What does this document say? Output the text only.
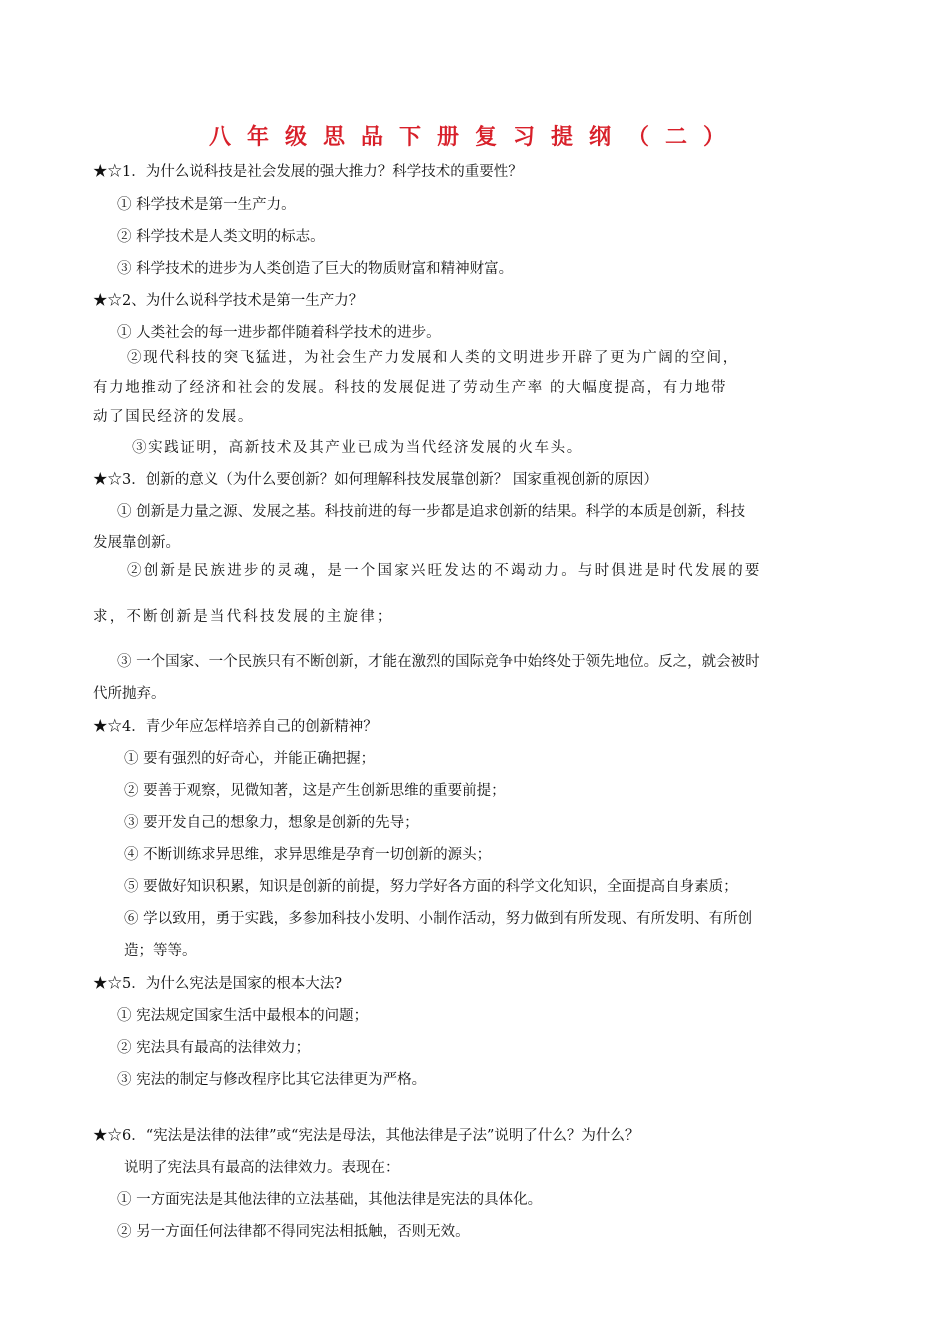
八年级思品下册复习提纲（二）
★☆1．为什么说科技是社会发展的强大推力？科学技术的重要性？
① 科学技术是第一生产力。
② 科学技术是人类文明的标志。
③ 科学技术的进步为人类创造了巨大的物质财富和精神财富。
★☆2、为什么说科学技术是第一生产力？
① 人类社会的每一进步都伴随着科学技术的进步。
②现代科技的突飞猛进，为社会生产力发展和人类的文明进步开辟了更为广阔的空间，
有力地推动了经济和社会的发展。科技的发展促进了劳动生产率 的大幅度提高，有力地带
动了国民经济的发展。
③实践证明，高新技术及其产业已成为当代经济发展的火车头。
★☆3．创新的意义（为什么要创新？如何理解科技发展靠创新？ 国家重视创新的原因）
① 创新是力量之源、发展之基。科技前进的每一步都是追求创新的结果。科学的本质是创新，科技
发展靠创新。
②创新是民族进步的灵魂，是一个国家兴旺发达的不竭动力。与时俱进是时代发展的要
求，不断创新是当代科技发展的主旋律；
③ 一个国家、一个民族只有不断创新，才能在激烈的国际竞争中始终处于领先地位。反之，就会被时
代所抛弃。
★☆4．青少年应怎样培养自己的创新精神？
① 要有强烈的好奇心，并能正确把握；
② 要善于观察，见微知著，这是产生创新思维的重要前提；
③ 要开发自己的想象力，想象是创新的先导；
④ 不断训练求异思维，求异思维是孕育一切创新的源头；
⑤ 要做好知识积累，知识是创新的前提，努力学好各方面的科学文化知识，全面提高自身素质；
⑥ 学以致用，勇于实践，多参加科技小发明、小制作活动，努力做到有所发现、有所发明、有所创
造；等等。
★☆5．为什么宪法是国家的根本大法?
① 宪法规定国家生活中最根本的问题；
② 宪法具有最高的法律效力；
③ 宪法的制定与修改程序比其它法律更为严格。
★☆6．“宪法是法律的法律”或“宪法是母法，其他法律是子法”说明了什么？为什么？
说明了宪法具有最高的法律效力。表现在：
① 一方面宪法是其他法律的立法基础，其他法律是宪法的具体化。
② 另一方面任何法律都不得同宪法相抵触，否则无效。
